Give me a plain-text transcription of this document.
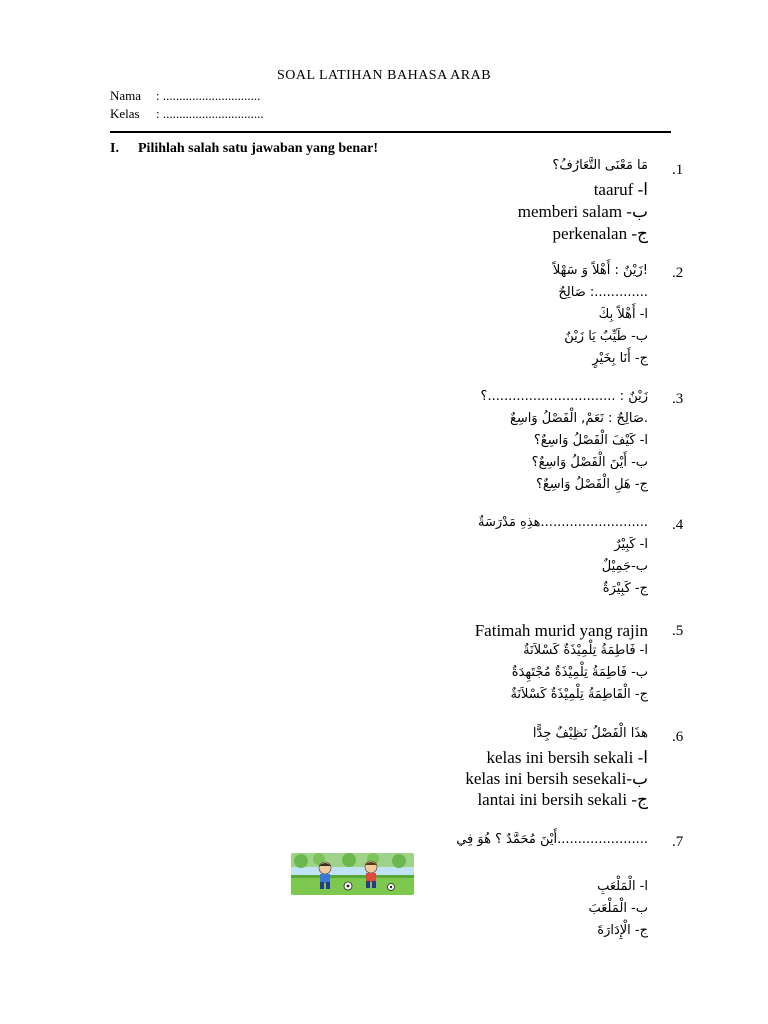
SOAL LATIHAN BAHASA ARAB
Nama : ..............................
Kelas : ...............................
I. Pilihlah salah satu jawaban yang benar!
.1
مَا مَعْنَى التَّعَارُفُ؟
taaruf -ا
memberi salam -ب
perkenalan -ج
.2
زَيْنٌ : أَهْلاً وَ سَهْلاً!
صَالِحٌ :.............
ا- أَهْلاً بِكَ
ب- طَيِّبٌ يَا زَيْنٌ
ج- أَنَا بِخَيْرٍ
.3
زَيْنٌ : ...............................؟
صَالِحٌ : نَعَمْ, الْفَصْلُ وَاسِعٌ.
ا- كَيْفَ الْفَصْلُ وَاسِعٌ؟
ب- أَيْنَ الْفَصْلُ وَاسِعٌ؟
ج- هَلِ الْفَصْلُ وَاسِعٌ؟
.4
هذِهِ مَدْرَسَةٌ..........................
ا- كَبِيْرٌ
ب-جَمِيْلٌ
ج- كَبِيْرَةٌ
.5
Fatimah murid yang rajin
ا- فَاطِمَةُ تِلْمِيْذَةٌ كَسْلاَنَةٌ
ب- فَاطِمَةُ تِلْمِيْذَةٌ مُجْتَهِدَةٌ
ج- الْفَاطِمَةُ تِلْمِيْذَةٌ كَسْلاَنَةٌ
.6
هذَا الْفَصْلُ نَظِيْفٌ جِدًّا
kelas ini bersih sekali -ا
kelas ini bersih sesekali-ب
lantai ini bersih sekali -ج
.7
أَيْنَ مُحَمَّدٌ ؟ هُوَ فِي......................
ا- الْمَلْعَبِ
ب- الْمَلْعَبَ
ج- الْإِدَارَةَ
